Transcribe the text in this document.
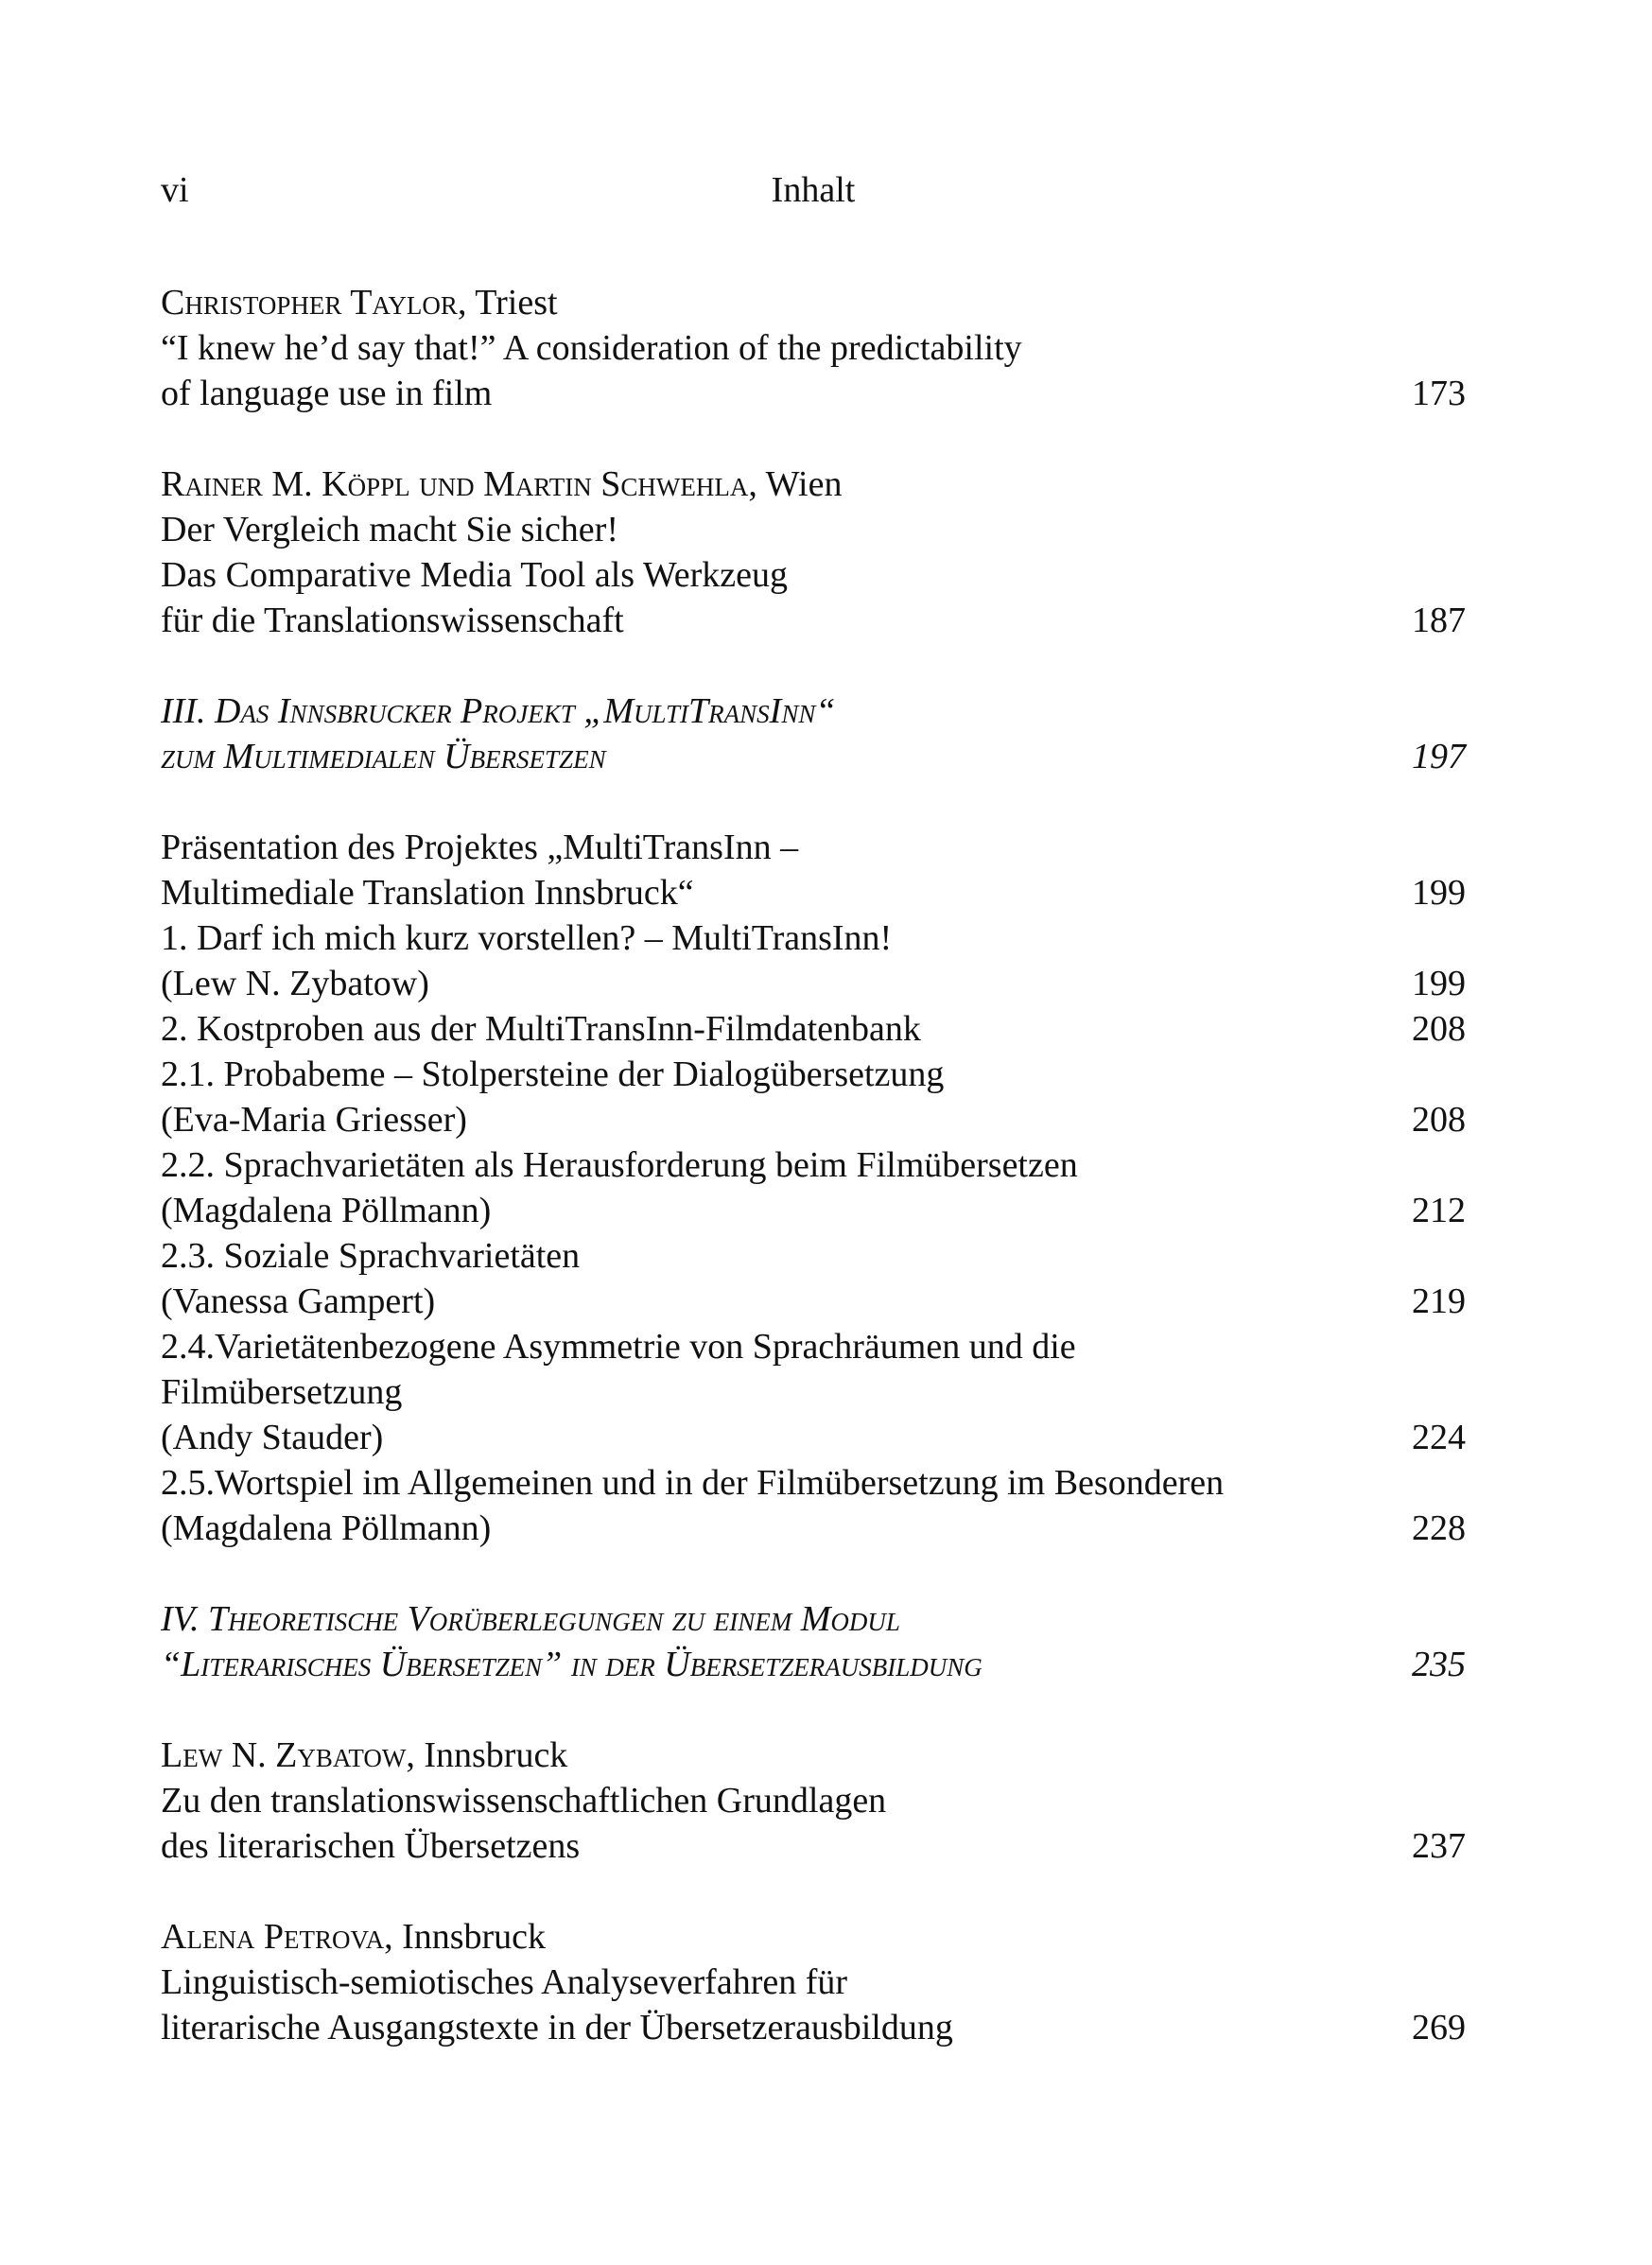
vi	Inhalt
Christopher Taylor, Triest
“I knew he’d say that!” A consideration of the predictability
of language use in film	173
Rainer M. Köppl und Martin Schwehla, Wien
Der Vergleich macht Sie sicher!
Das Comparative Media Tool als Werkzeug
für die Translationswissenschaft	187
III. Das Innsbrucker Projekt „MultiTransInn“
zum Multimedialen Übersetzen	197
Präsentation des Projektes „MultiTransInn –
Multimediale Translation Innsbruck“	199
1. Darf ich mich kurz vorstellen? – MultiTransInn!
(Lew N. Zybatow)	199
2. Kostproben aus der MultiTransInn-Filmdatenbank	208
2.1. Probabeme – Stolpersteine der Dialogübersetzung
(Eva-Maria Griesser)	208
2.2. Sprachvarietäten als Herausforderung beim Filmübersetzen
(Magdalena Pöllmann)	212
2.3. Soziale Sprachvarietäten
(Vanessa Gampert)	219
2.4.Varietätenbezogene Asymmetrie von Sprachräumen und die
Filmübersetzung
(Andy Stauder)	224
2.5.Wortspiel im Allgemeinen und in der Filmübersetzung im Besonderen
(Magdalena Pöllmann)	228
IV. Theoretische Vorüberlegungen zu einem Modul
“Literarisches Übersetzen” in der Übersetzerausbildung	235
Lew N. Zybatow, Innsbruck
Zu den translationswissenschaftlichen Grundlagen
des literarischen Übersetzens	237
Alena Petrova, Innsbruck
Linguistisch-semiotisches Analyseverfahren für
literarische Ausgangstexte in der Übersetzerausbildung	269
